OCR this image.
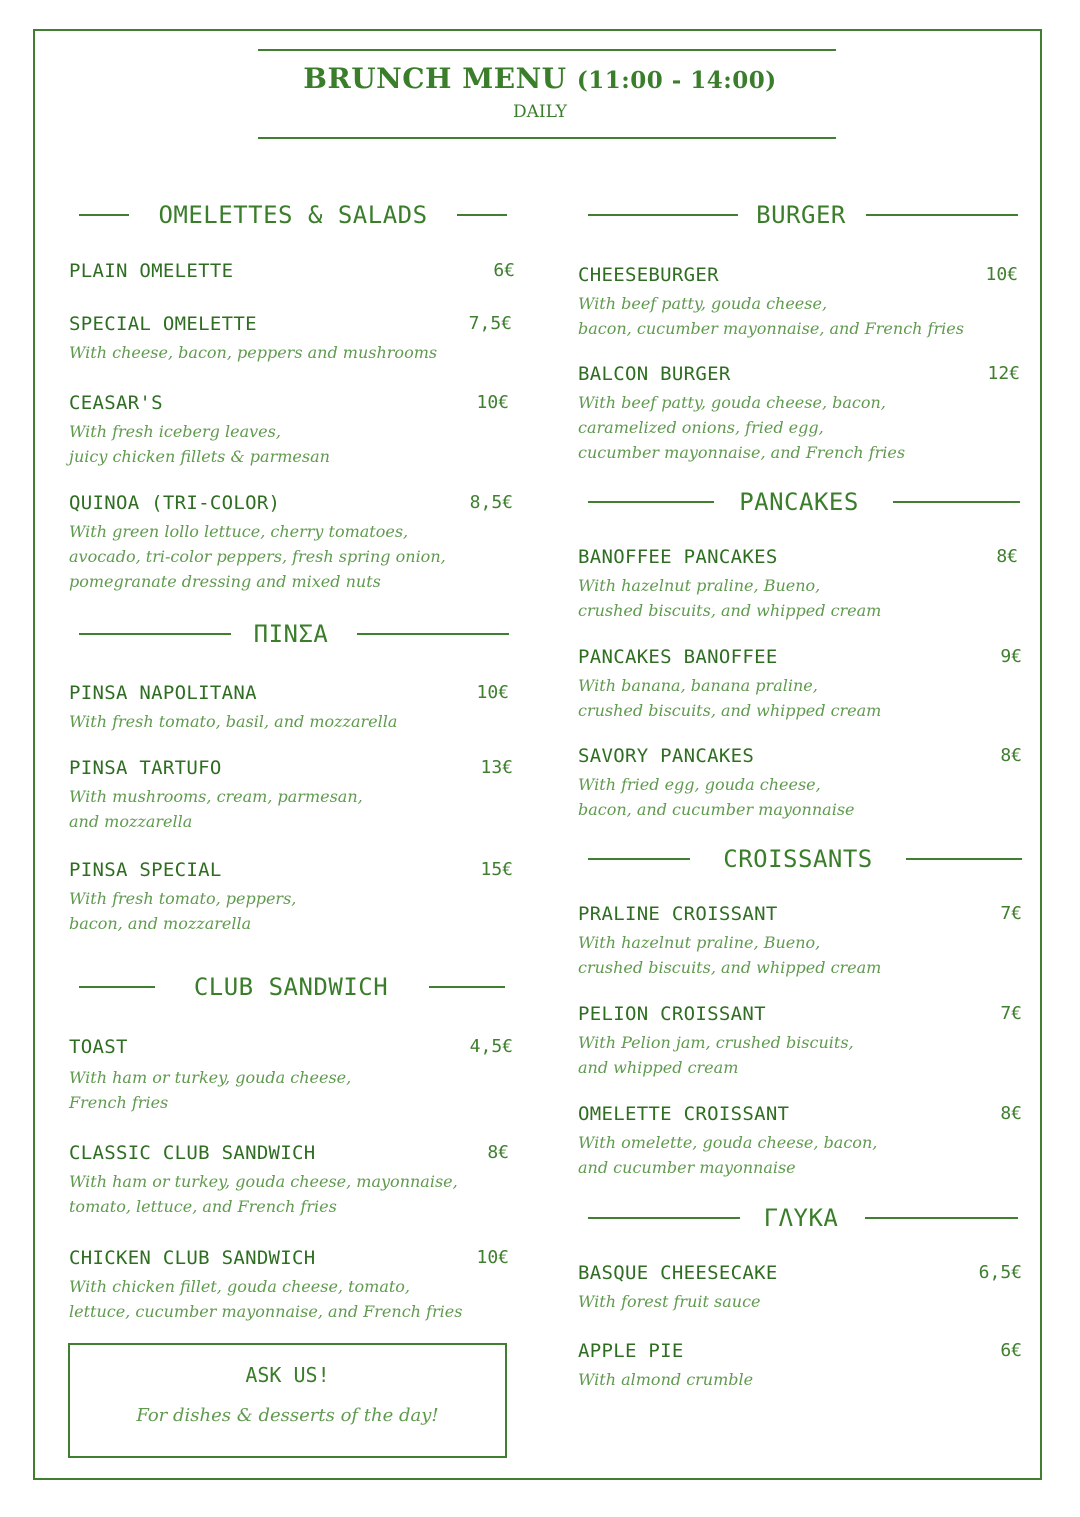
BRUNCH MENU (11:00 - 14:00)
DAILY
OMELETTES & SALADS
PLAIN OMELETTE	6€
SPECIAL OMELETTE	7,5€
With cheese, bacon, peppers and mushrooms
CEASAR'S	10€
With fresh iceberg leaves,
juicy chicken fillets & parmesan
QUINOA (TRI-COLOR)	8,5€
With green lollo lettuce, cherry tomatoes,
avocado, tri-color peppers, fresh spring onion,
pomegranate dressing and mixed nuts
ΠΙΝΣΑ
PINSA NAPOLITANA	10€
With fresh tomato, basil, and mozzarella
PINSA TARTUFO	13€
With mushrooms, cream, parmesan,
and mozzarella
PINSA SPECIAL	15€
With fresh tomato, peppers,
bacon, and mozzarella
CLUB SANDWICH
TOAST	4,5€
With ham or turkey, gouda cheese,
French fries
CLASSIC CLUB SANDWICH	8€
With ham or turkey, gouda cheese, mayonnaise,
tomato, lettuce, and French fries
CHICKEN CLUB SANDWICH	10€
With chicken fillet, gouda cheese, tomato,
lettuce, cucumber mayonnaise, and French fries
ASK US!
For dishes & desserts of the day!
BURGER
CHEESEBURGER	10€
With beef patty, gouda cheese,
bacon, cucumber mayonnaise, and French fries
BALCON BURGER	12€
With beef patty, gouda cheese, bacon,
caramelized onions, fried egg,
cucumber mayonnaise, and French fries
PANCAKES
BANOFFEE PANCAKES	8€
With hazelnut praline, Bueno,
crushed biscuits, and whipped cream
PANCAKES BANOFFEE	9€
With banana, banana praline,
crushed biscuits, and whipped cream
SAVORY PANCAKES	8€
With fried egg, gouda cheese,
bacon, and cucumber mayonnaise
CROISSANTS
PRALINE CROISSANT	7€
With hazelnut praline, Bueno,
crushed biscuits, and whipped cream
PELION CROISSANT	7€
With Pelion jam, crushed biscuits,
and whipped cream
OMELETTE CROISSANT	8€
With omelette, gouda cheese, bacon,
and cucumber mayonnaise
ΓΛΥΚΑ
BASQUE CHEESECAKE	6,5€
With forest fruit sauce
APPLE PIE	6€
With almond crumble
